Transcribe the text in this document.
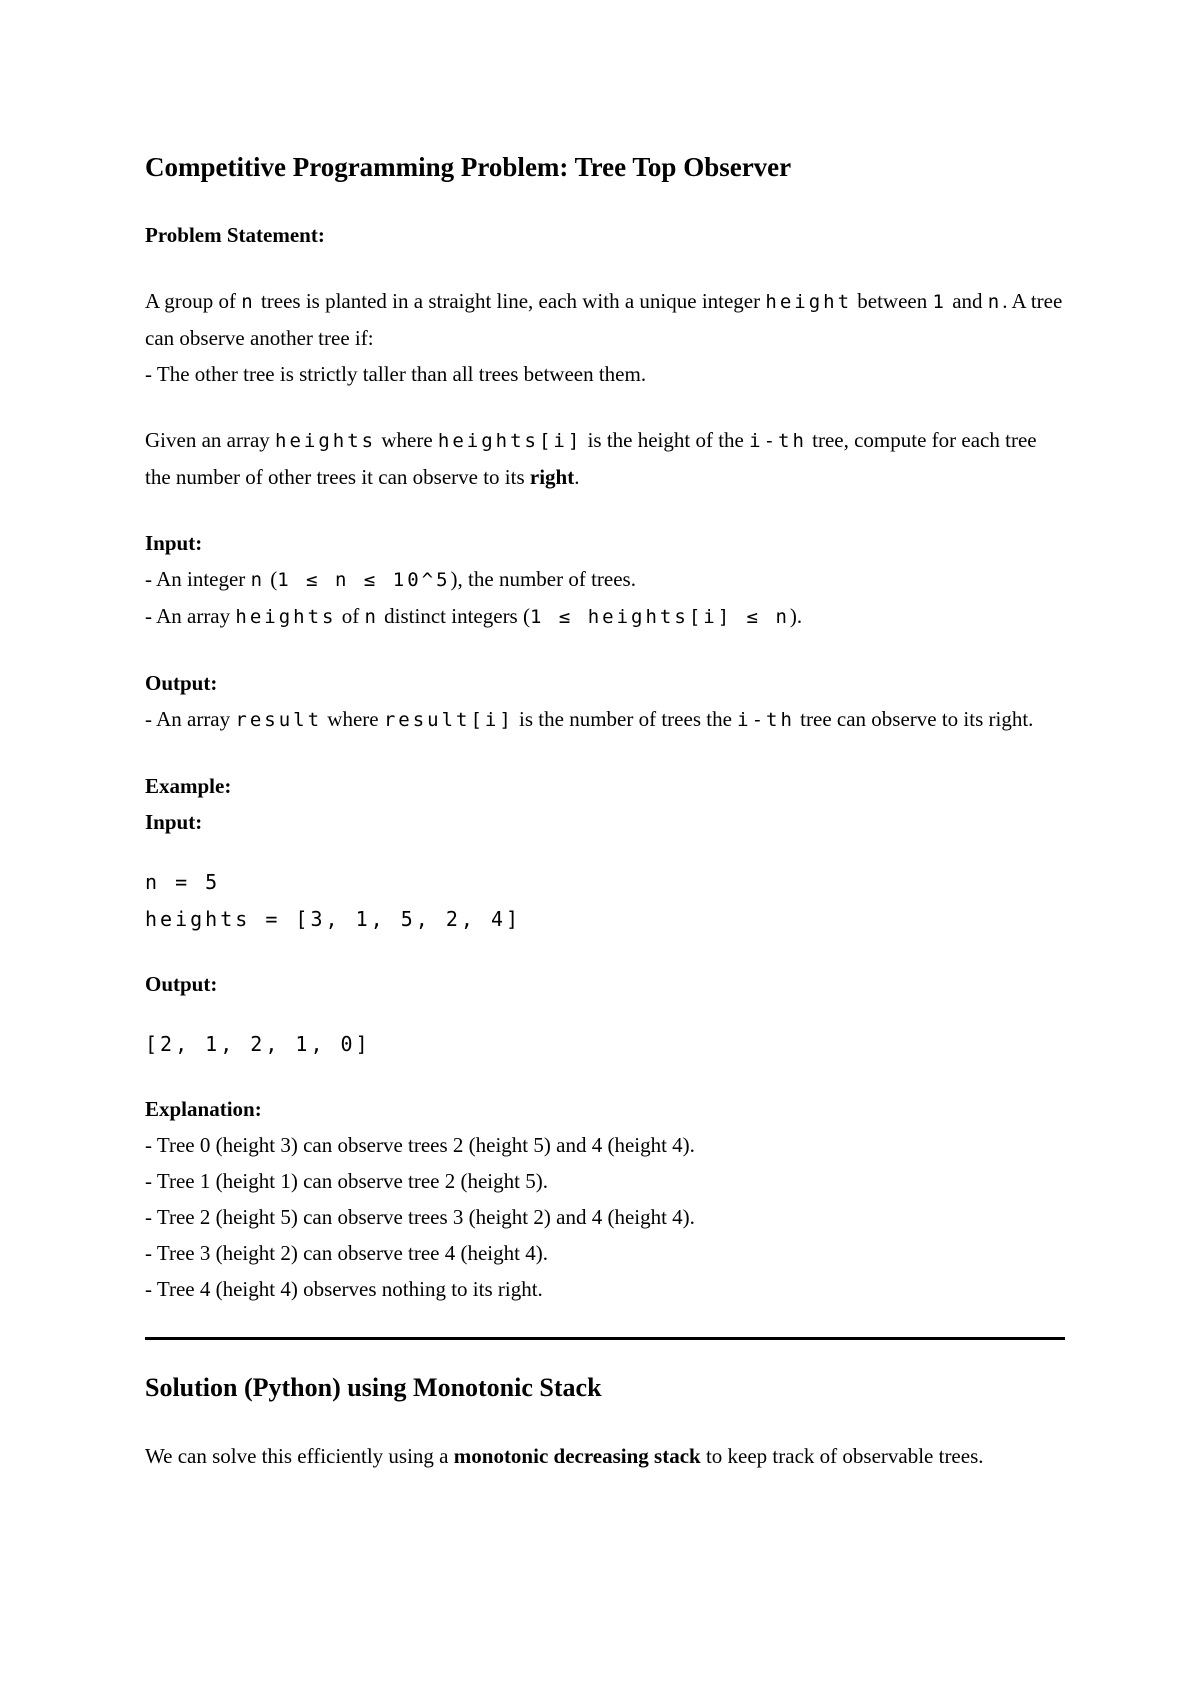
Competitive Programming Problem: Tree Top Observer

Problem Statement:

A group of n trees is planted in a straight line, each with a unique integer height between 1 and n. A tree can observe another tree if:

- The other tree is strictly taller than all trees between them.

Given an array heights where heights[i] is the height of the i-th tree, compute for each tree the number of other trees it can observe to its right.

Input:

- An integer n (1 ≤ n ≤ 10^5), the number of trees.

- An array heights of n distinct integers (1 ≤ heights[i] ≤ n).

Output:

- An array result where result[i] is the number of trees the i-th tree can observe to its right.

Example:

Input:

n = 5
heights = [3, 1, 5, 2, 4]

Output:

[2, 1, 2, 1, 0]

Explanation:

- Tree 0 (height 3) can observe trees 2 (height 5) and 4 (height 4).

- Tree 1 (height 1) can observe tree 2 (height 5).

- Tree 2 (height 5) can observe trees 3 (height 2) and 4 (height 4).

- Tree 3 (height 2) can observe tree 4 (height 4).

- Tree 4 (height 4) observes nothing to its right.

Solution (Python) using Monotonic Stack

We can solve this efficiently using a monotonic decreasing stack to keep track of observable trees.
